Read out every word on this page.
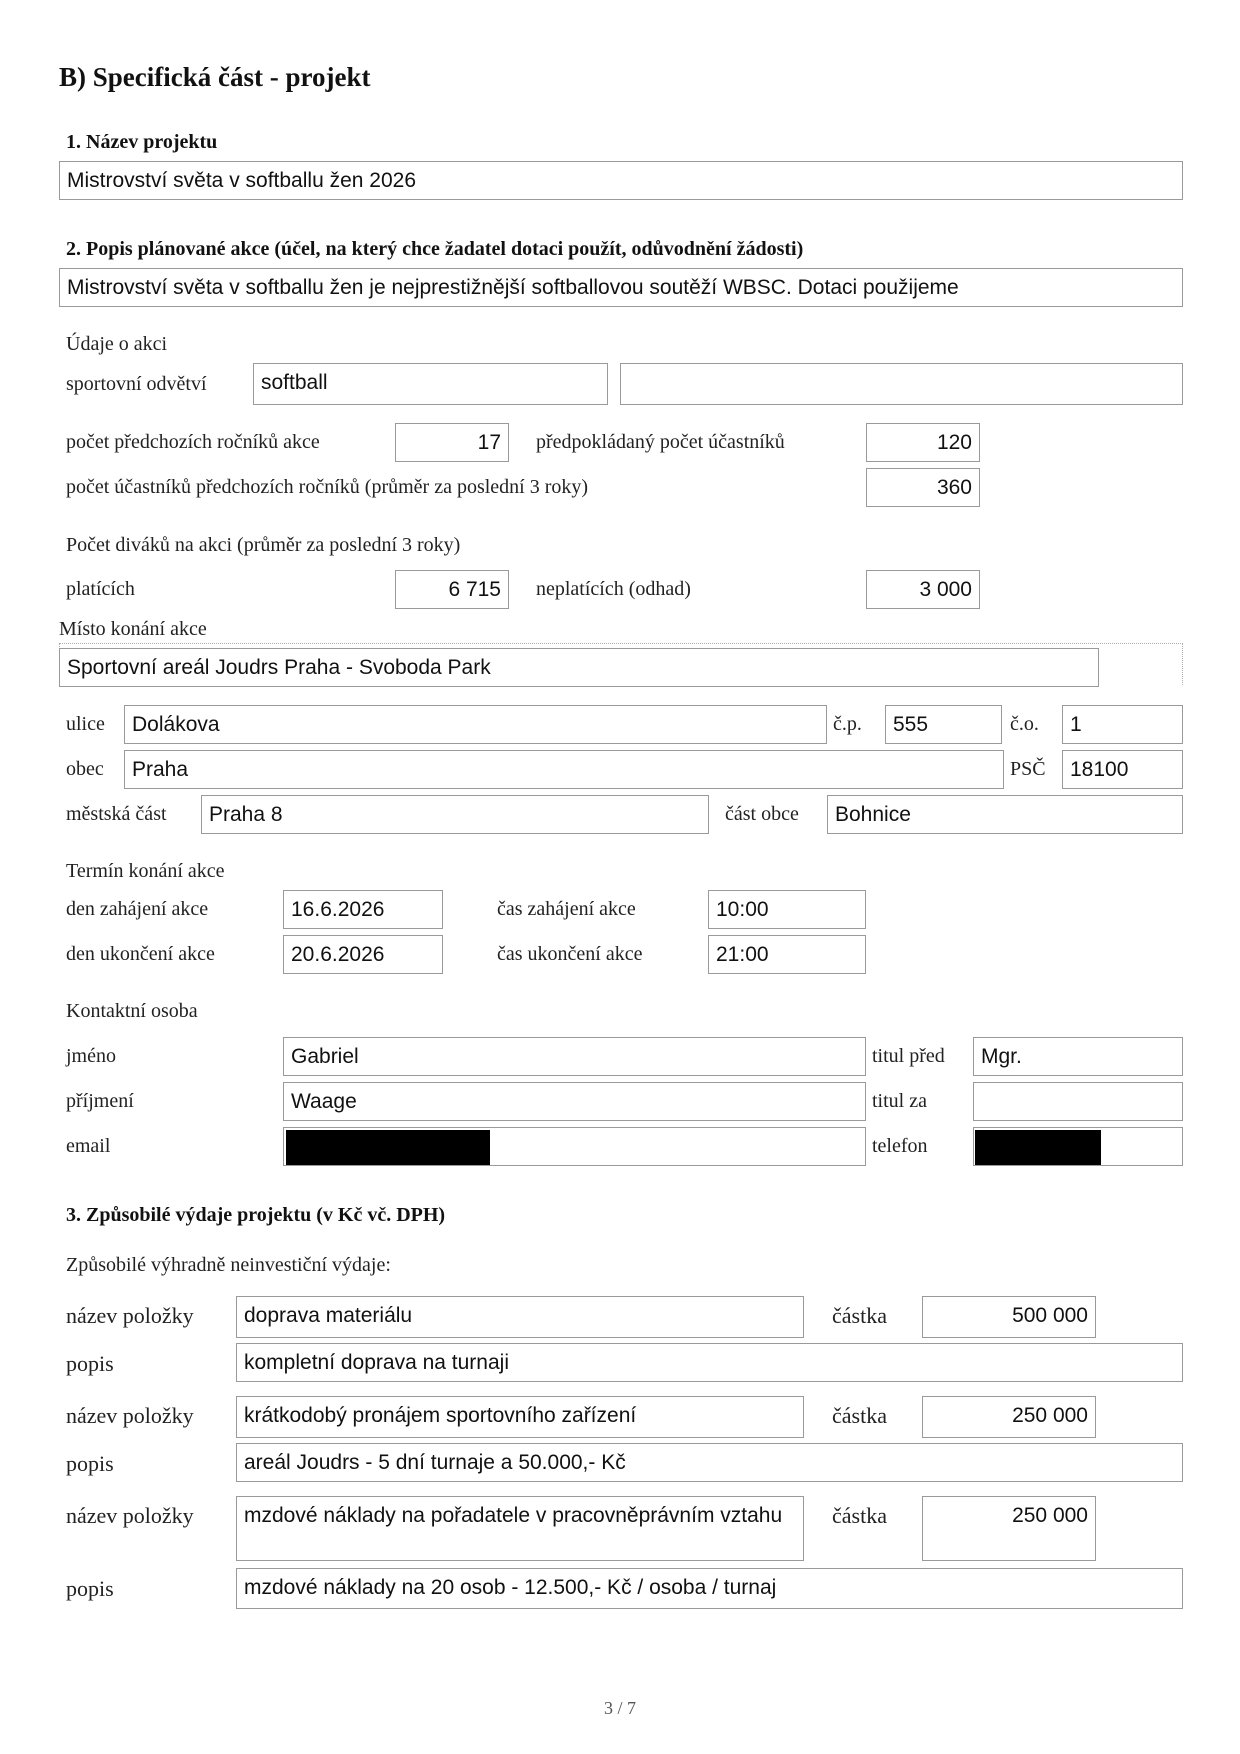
B) Specifická část - projekt
1. Název projektu
Mistrovství světa v softballu žen 2026
2. Popis plánované akce (účel, na který chce žadatel dotaci použít, odůvodnění žádosti)
Mistrovství světa v softballu žen je nejprestižnější softballovou soutěží WBSC. Dotaci použijeme
Údaje o akci
sportovní odvětví	softball
počet předchozích ročníků akce	17	předpokládaný počet účastníků	120
počet účastníků předchozích ročníků (průměr za poslední 3 roky)	360
Počet diváků na akci (průměr za poslední 3 roky)
platících	6 715	neplatících (odhad)	3 000
Místo konání akce
Sportovní areál Joudrs Praha - Svoboda Park
ulice	Dolákova	č.p.	555	č.o.	1
obec	Praha	PSČ	18100
městská část	Praha 8	část obce	Bohnice
Termín konání akce
den zahájení akce	16.6.2026	čas zahájení akce	10:00
den ukončení akce	20.6.2026	čas ukončení akce	21:00
Kontaktní osoba
jméno	Gabriel	titul před	Mgr.
příjmení	Waage	titul za
email	telefon
3. Způsobilé výdaje projektu (v Kč vč. DPH)
Způsobilé výhradně neinvestiční výdaje:
název položky	doprava materiálu	částka	500 000
popis	kompletní doprava na turnaji
název položky	krátkodobý pronájem sportovního zařízení	částka	250 000
popis	areál Joudrs - 5 dní turnaje a 50.000,- Kč
název položky	mzdové náklady na pořadatele v pracovněprávním vztahu	částka	250 000
popis	mzdové náklady na 20 osob - 12.500,- Kč / osoba / turnaj
3 / 7
